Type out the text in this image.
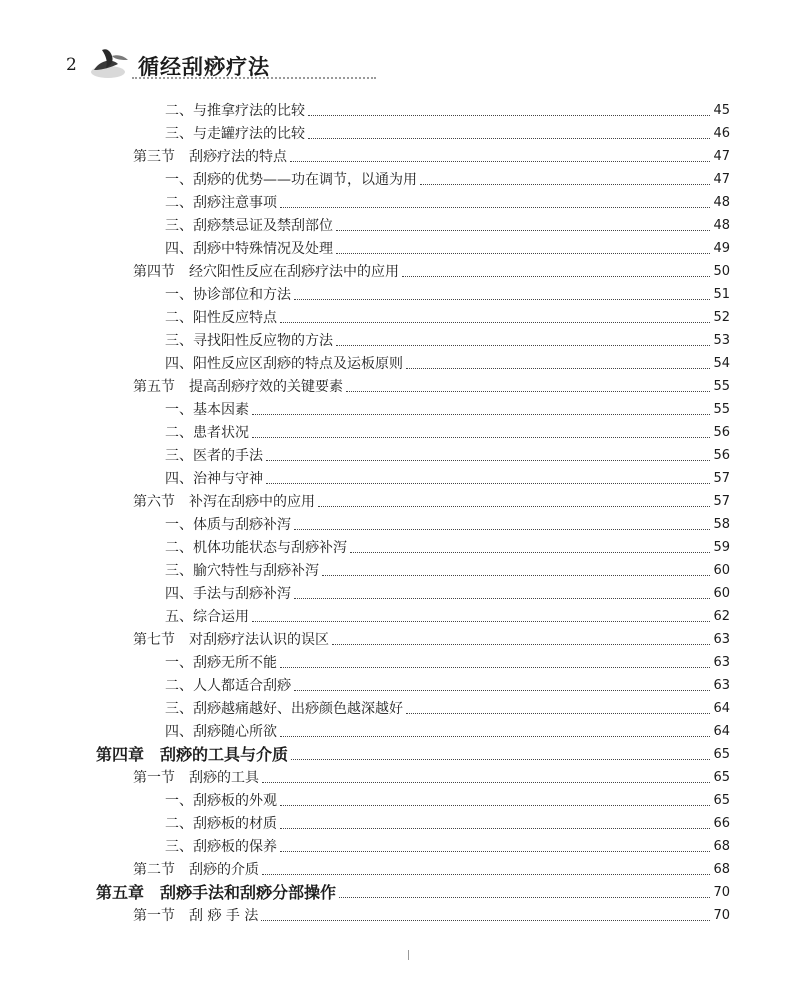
2	循经刮痧疗法
二、与推拿疗法的比较	45
三、与走罐疗法的比较	46
第三节　刮痧疗法的特点	47
一、刮痧的优势——功在调节，以通为用	47
二、刮痧注意事项	48
三、刮痧禁忌证及禁刮部位	48
四、刮痧中特殊情况及处理	49
第四节　经穴阳性反应在刮痧疗法中的应用	50
一、协诊部位和方法	51
二、阳性反应特点	52
三、寻找阳性反应物的方法	53
四、阳性反应区刮痧的特点及运板原则	54
第五节　提高刮痧疗效的关键要素	55
一、基本因素	55
二、患者状况	56
三、医者的手法	56
四、治神与守神	57
第六节　补泻在刮痧中的应用	57
一、体质与刮痧补泻	58
二、机体功能状态与刮痧补泻	59
三、腧穴特性与刮痧补泻	60
四、手法与刮痧补泻	60
五、综合运用	62
第七节　对刮痧疗法认识的误区	63
一、刮痧无所不能	63
二、人人都适合刮痧	63
三、刮痧越痛越好、出痧颜色越深越好	64
四、刮痧随心所欲	64
第四章　刮痧的工具与介质	65
第一节　刮痧的工具	65
一、刮痧板的外观	65
二、刮痧板的材质	66
三、刮痧板的保养	68
第二节　刮痧的介质	68
第五章　刮痧手法和刮痧分部操作	70
第一节　刮 痧 手 法	70
